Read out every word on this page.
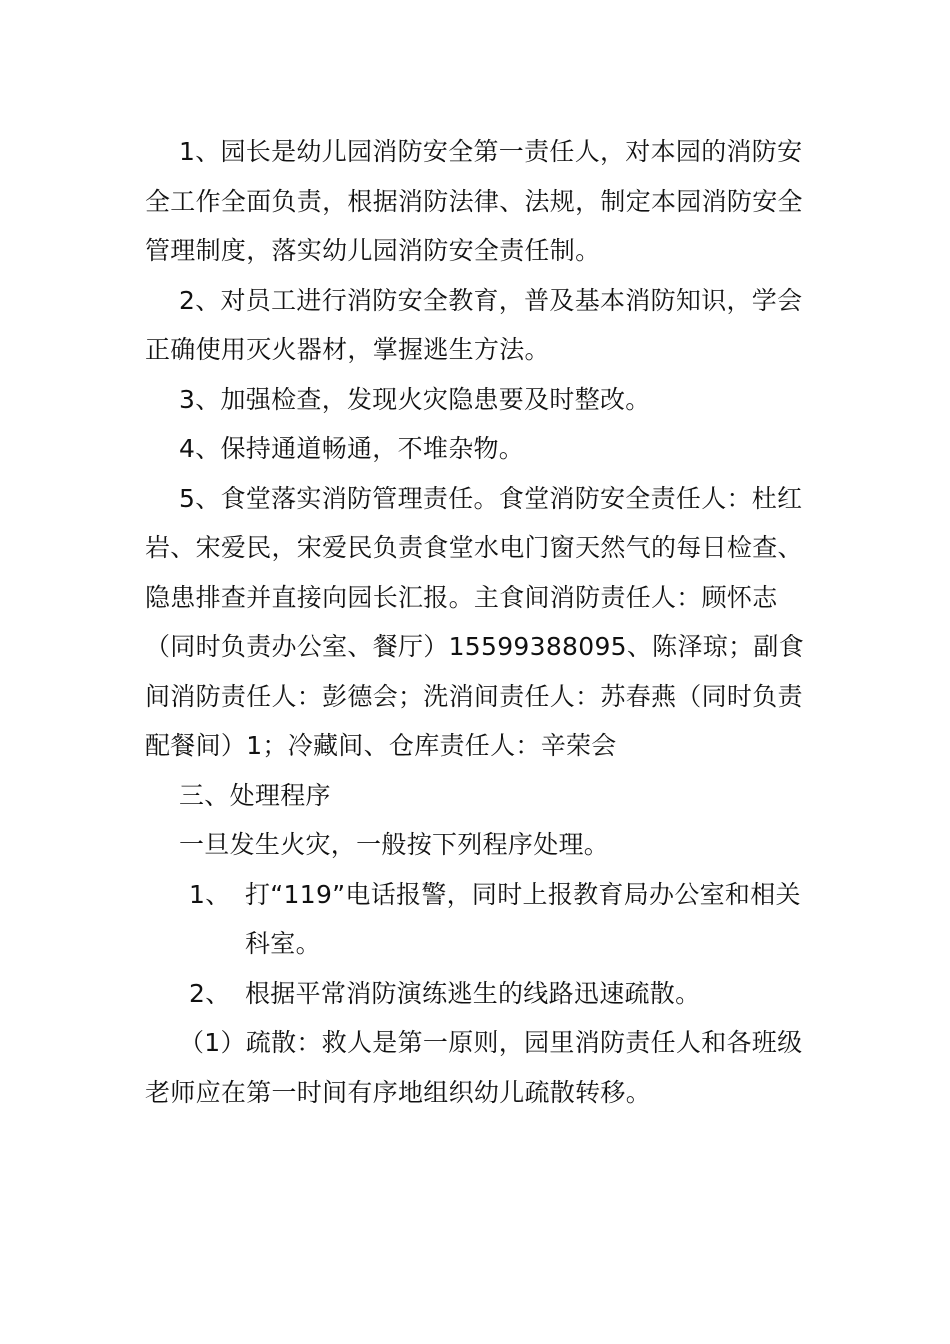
1、园长是幼儿园消防安全第一责任人，对本园的消防安全工作全面负责，根据消防法律、法规，制定本园消防安全管理制度，落实幼儿园消防安全责任制。

2、对员工进行消防安全教育，普及基本消防知识，学会正确使用灭火器材，掌握逃生方法。

3、加强检查，发现火灾隐患要及时整改。

4、保持通道畅通，不堆杂物。

5、食堂落实消防管理责任。食堂消防安全责任人：杜红岩、宋爱民，宋爱民负责食堂水电门窗天然气的每日检查、隐患排查并直接向园长汇报。主食间消防责任人：顾怀志（同时负责办公室、餐厅）15599388095、陈泽琼；副食间消防责任人：彭德会；洗消间责任人：苏春燕（同时负责配餐间）1；冷藏间、仓库责任人：辛荣会

三、处理程序

一旦发生火灾，一般按下列程序处理。

1、 打“119”电话报警，同时上报教育局办公室和相关科室。
2、 根据平常消防演练逃生的线路迅速疏散。

（1）疏散：救人是第一原则，园里消防责任人和各班级老师应在第一时间有序地组织幼儿疏散转移。
